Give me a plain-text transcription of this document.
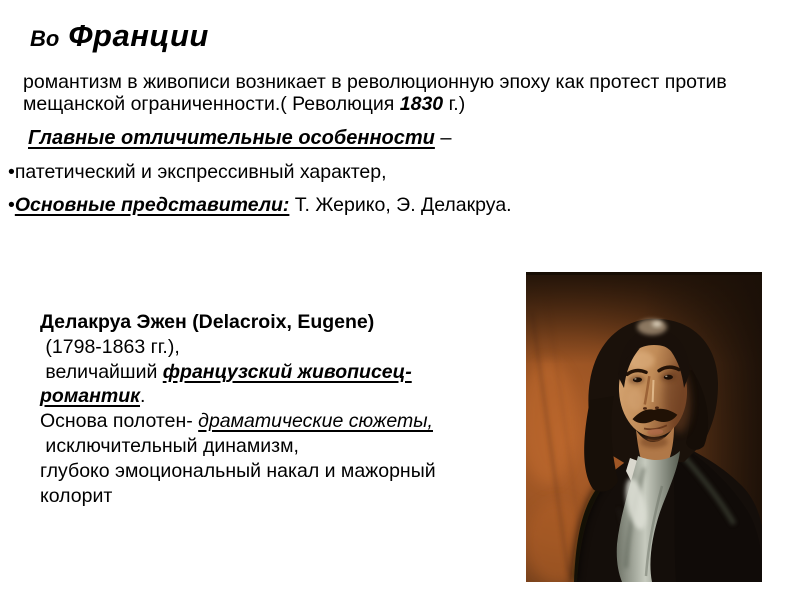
Во Франции
романтизм в живописи возникает в революционную эпоху как протест против
мещанской ограниченности.( Революция 1830 г.)
Главные отличительные особенности –
•патетический и экспрессивный характер,
•Основные представители: Т. Жерико, Э. Делакруа.
Делакруа Эжен (Delacroix, Eugene)
(1798-1863 гг.),
величайший французский живописец-
романтик.
Основа полотен- драматические сюжеты,
исключительный динамизм,
глубоко эмоциональный накал и мажорный
колорит
